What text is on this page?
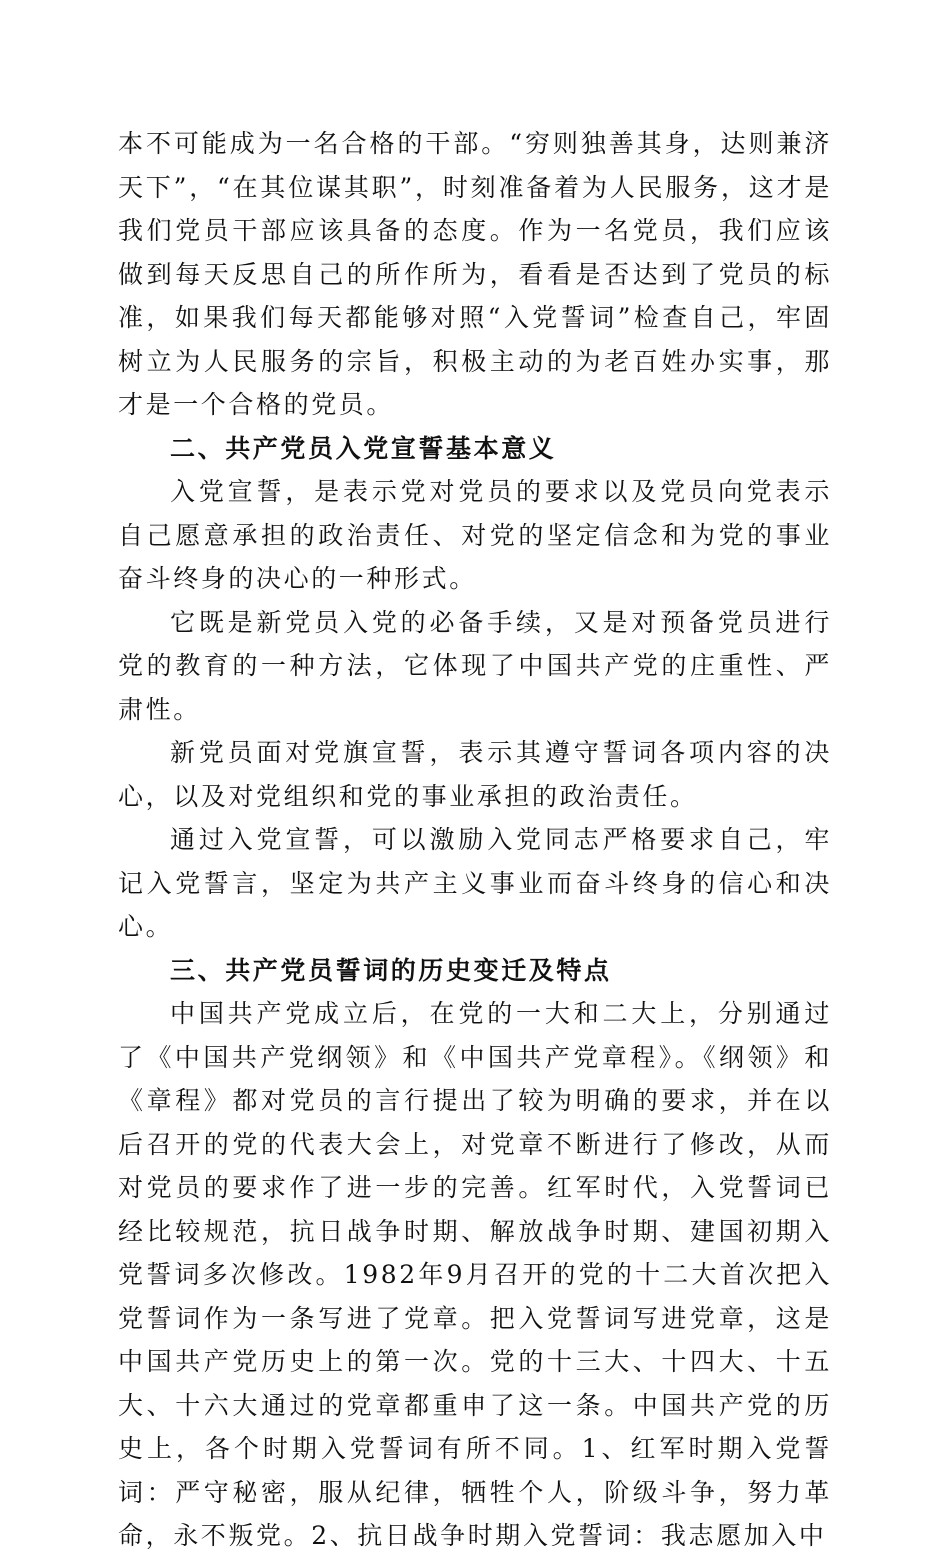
本不可能成为一名合格的干部。“穷则独善其身，达则兼济天下”，“在其位谋其职”，时刻准备着为人民服务，这才是我们党员干部应该具备的态度。作为一名党员，我们应该做到每天反思自己的所作所为，看看是否达到了党员的标准，如果我们每天都能够对照“入党誓词”检查自己，牢固树立为人民服务的宗旨，积极主动的为老百姓办实事，那才是一个合格的党员。

二、共产党员入党宣誓基本意义

入党宣誓，是表示党对党员的要求以及党员向党表示自己愿意承担的政治责任、对党的坚定信念和为党的事业奋斗终身的决心的一种形式。

它既是新党员入党的必备手续，又是对预备党员进行党的教育的一种方法，它体现了中国共产党的庄重性、严肃性。

新党员面对党旗宣誓，表示其遵守誓词各项内容的决心，以及对党组织和党的事业承担的政治责任。

通过入党宣誓，可以激励入党同志严格要求自己，牢记入党誓言，坚定为共产主义事业而奋斗终身的信心和决心。

三、共产党员誓词的历史变迁及特点

中国共产党成立后，在党的一大和二大上，分别通过了《中国共产党纲领》和《中国共产党章程》。《纲领》和《章程》都对党员的言行提出了较为明确的要求，并在以后召开的党的代表大会上，对党章不断进行了修改，从而对党员的要求作了进一步的完善。红军时代，入党誓词已经比较规范，抗日战争时期、解放战争时期、建国初期入党誓词多次修改。1982年9月召开的党的十二大首次把入党誓词作为一条写进了党章。把入党誓词写进党章，这是中国共产党历史上的第一次。党的十三大、十四大、十五大、十六大通过的党章都重申了这一条。中国共产党的历史上，各个时期入党誓词有所不同。1、红军时期入党誓词：严守秘密，服从纪律，牺牲个人，阶级斗争，努力革命，永不叛党。2、抗日战争时期入党誓词：我志愿加入中
